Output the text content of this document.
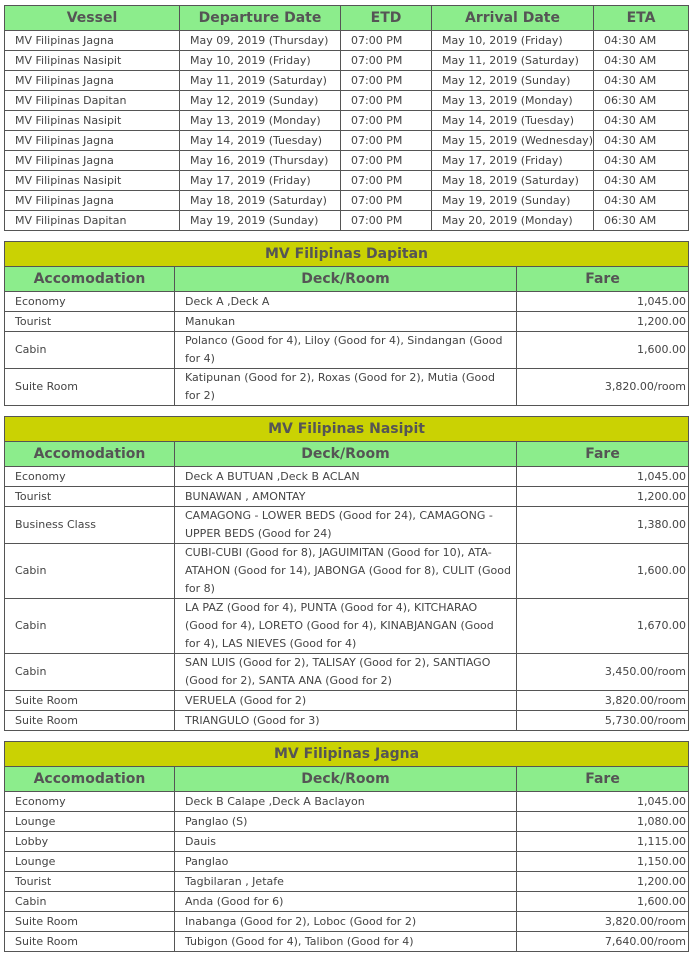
Vessel	Departure Date	ETD	Arrival Date	ETA
MV Filipinas Jagna	May 09, 2019 (Thursday)	07:00 PM	May 10, 2019 (Friday)	04:30 AM
MV Filipinas Nasipit	May 10, 2019 (Friday)	07:00 PM	May 11, 2019 (Saturday)	04:30 AM
MV Filipinas Jagna	May 11, 2019 (Saturday)	07:00 PM	May 12, 2019 (Sunday)	04:30 AM
MV Filipinas Dapitan	May 12, 2019 (Sunday)	07:00 PM	May 13, 2019 (Monday)	06:30 AM
MV Filipinas Nasipit	May 13, 2019 (Monday)	07:00 PM	May 14, 2019 (Tuesday)	04:30 AM
MV Filipinas Jagna	May 14, 2019 (Tuesday)	07:00 PM	May 15, 2019 (Wednesday)	04:30 AM
MV Filipinas Jagna	May 16, 2019 (Thursday)	07:00 PM	May 17, 2019 (Friday)	04:30 AM
MV Filipinas Nasipit	May 17, 2019 (Friday)	07:00 PM	May 18, 2019 (Saturday)	04:30 AM
MV Filipinas Jagna	May 18, 2019 (Saturday)	07:00 PM	May 19, 2019 (Sunday)	04:30 AM
MV Filipinas Dapitan	May 19, 2019 (Sunday)	07:00 PM	May 20, 2019 (Monday)	06:30 AM
MV Filipinas Dapitan		
Accomodation	Deck/Room	Fare
Economy	Deck A ,Deck A	1,045.00
Tourist	Manukan	1,200.00
Cabin	Polanco (Good for 4), Liloy (Good for 4), Sindangan (Good for 4)	1,600.00
Suite Room	Katipunan (Good for 2), Roxas (Good for 2), Mutia (Good for 2)	3,820.00/room
MV Filipinas Nasipit		
Accomodation	Deck/Room	Fare
Economy	Deck A BUTUAN ,Deck B ACLAN	1,045.00
Tourist	BUNAWAN , AMONTAY	1,200.00
Business Class	CAMAGONG - LOWER BEDS (Good for 24), CAMAGONG - UPPER BEDS (Good for 24)	1,380.00
Cabin	CUBI-CUBI (Good for 8), JAGUIMITAN (Good for 10), ATA-ATAHON (Good for 14), JABONGA (Good for 8), CULIT (Good for 8)	1,600.00
Cabin	LA PAZ (Good for 4), PUNTA (Good for 4), KITCHARAO (Good for 4), LORETO (Good for 4), KINABJANGAN (Good for 4), LAS NIEVES (Good for 4)	1,670.00
Cabin	SAN LUIS (Good for 2), TALISAY (Good for 2), SANTIAGO (Good for 2), SANTA ANA (Good for 2)	3,450.00/room
Suite Room	VERUELA (Good for 2)	3,820.00/room
Suite Room	TRIANGULO (Good for 3)	5,730.00/room
MV Filipinas Jagna		
Accomodation	Deck/Room	Fare
Economy	Deck B Calape ,Deck A Baclayon	1,045.00
Lounge	Panglao (S)	1,080.00
Lobby	Dauis	1,115.00
Lounge	Panglao	1,150.00
Tourist	Tagbilaran , Jetafe	1,200.00
Cabin	Anda (Good for 6)	1,600.00
Suite Room	Inabanga (Good for 2), Loboc (Good for 2)	3,820.00/room
Suite Room	Tubigon (Good for 4), Talibon (Good for 4)	7,640.00/room
